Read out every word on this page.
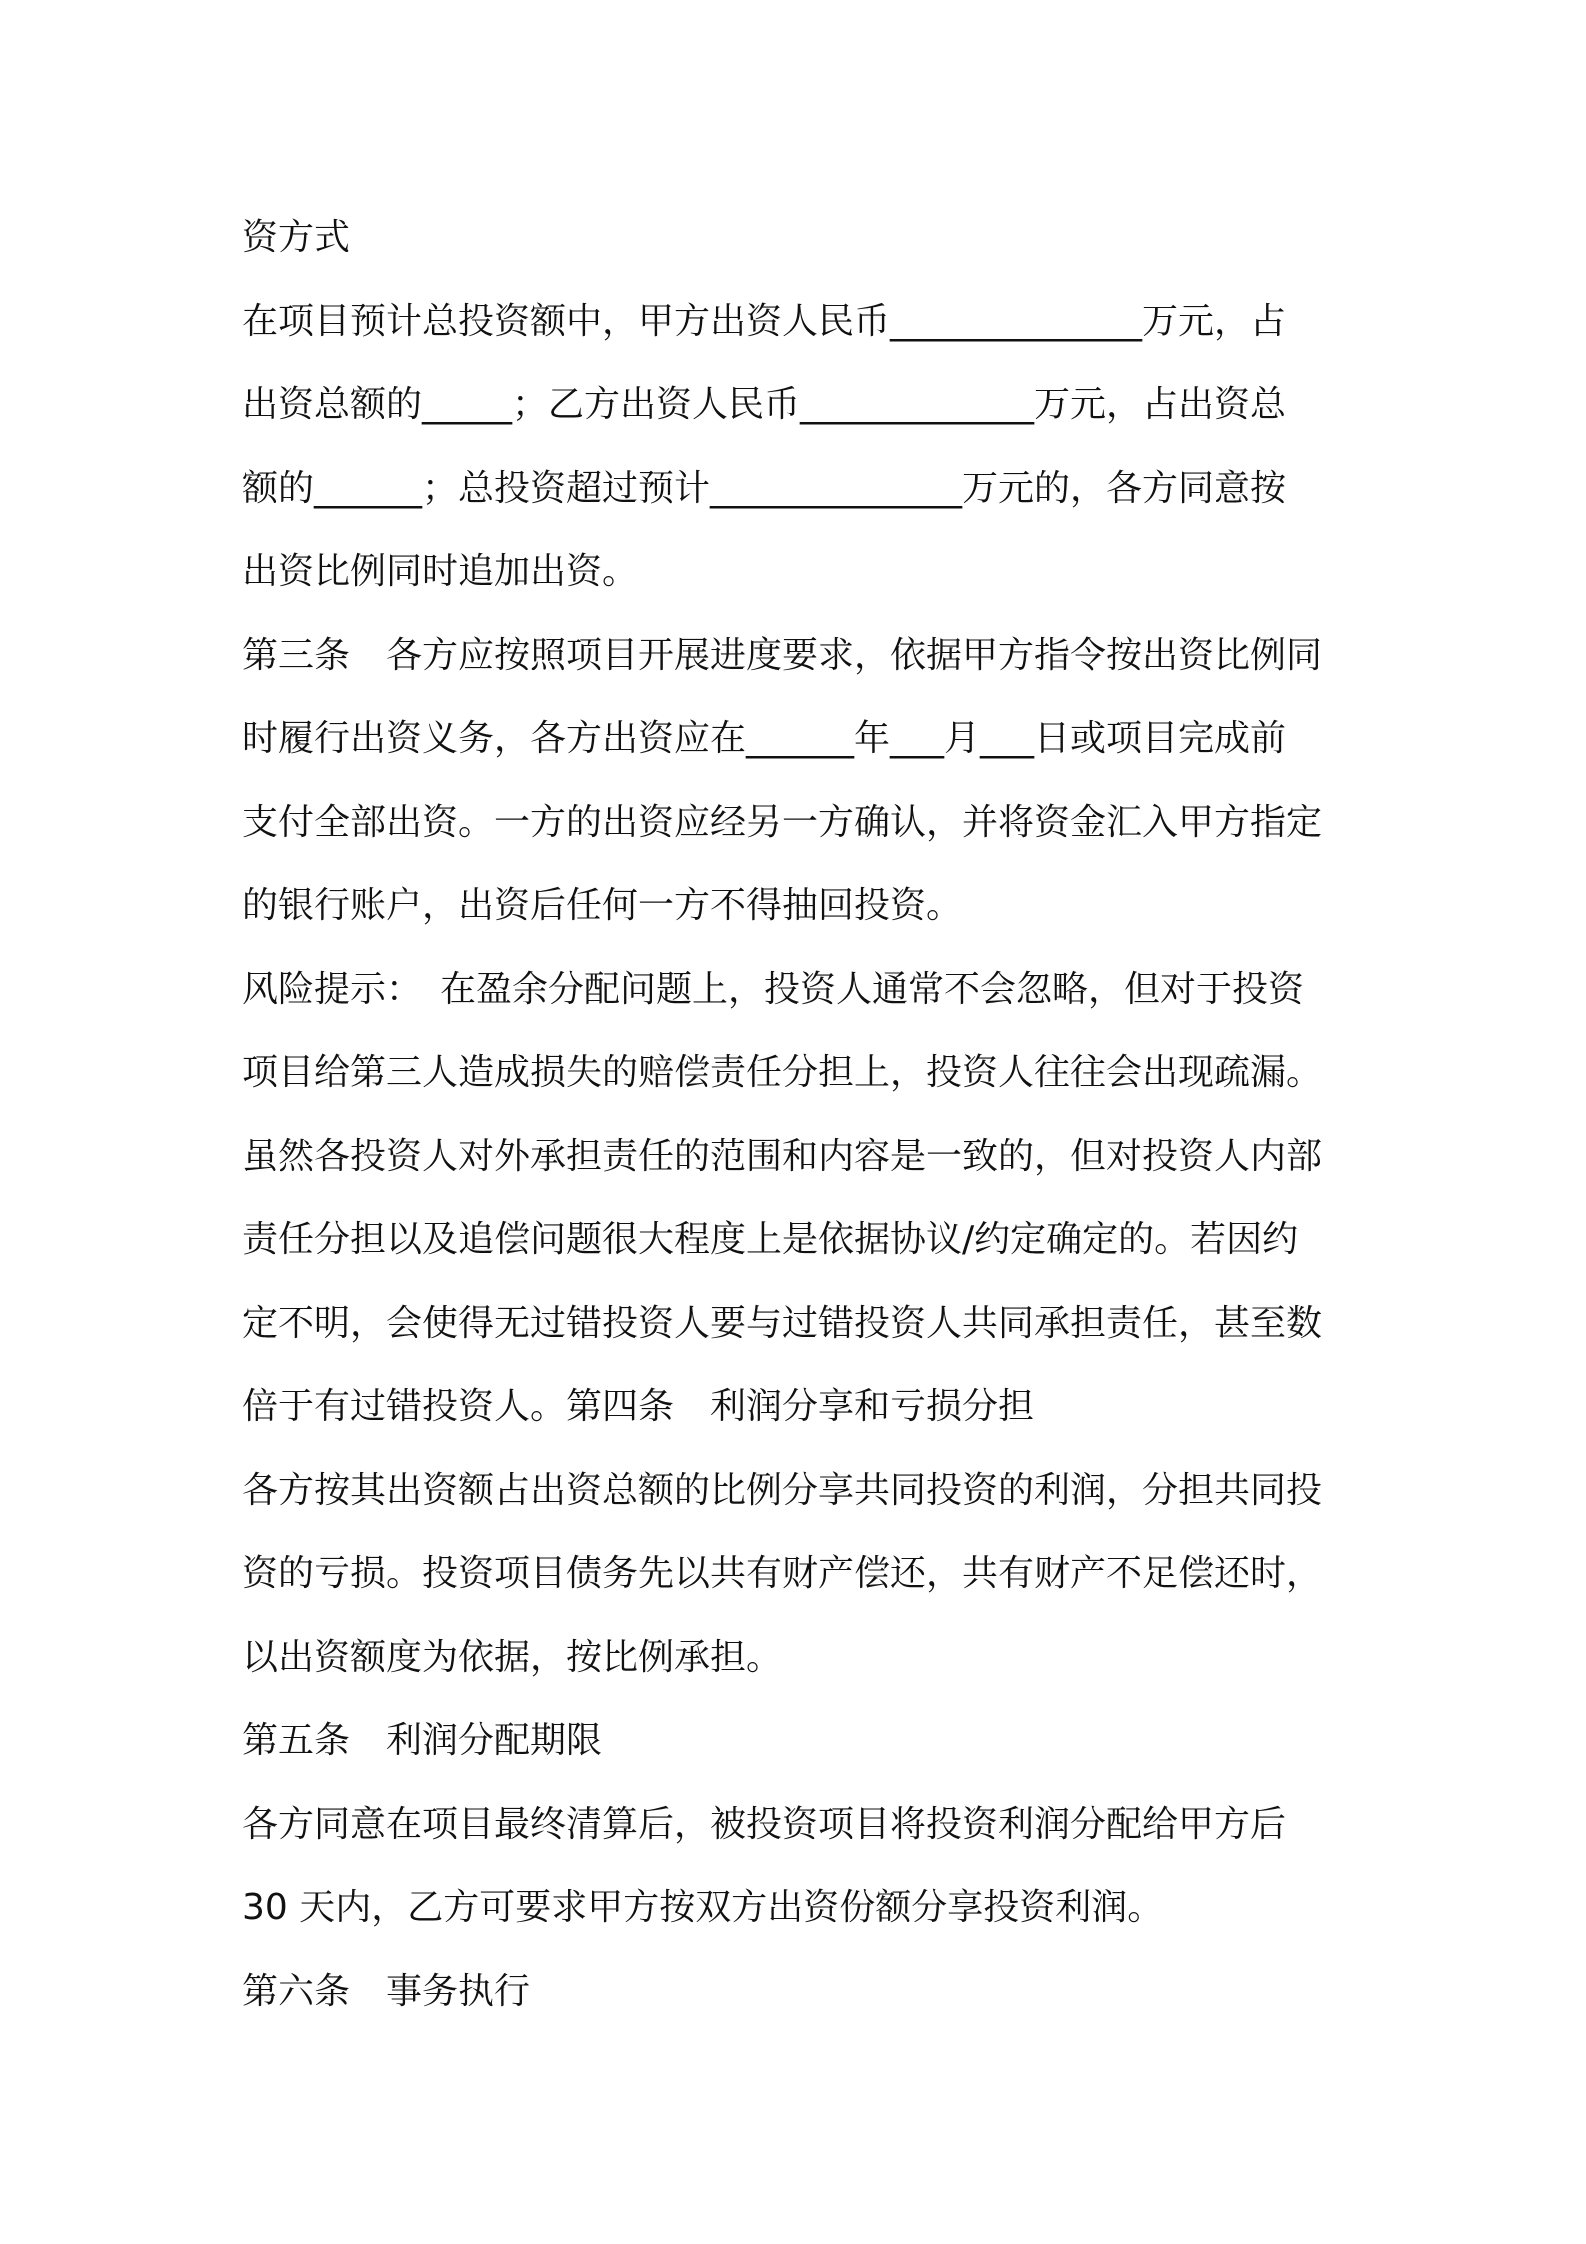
资方式
在项目预计总投资额中，甲方出资人民币______________万元，占
出资总额的_____；乙方出资人民币_____________万元，占出资总
额的______；总投资超过预计______________万元的，各方同意按
出资比例同时追加出资。
第三条　各方应按照项目开展进度要求，依据甲方指令按出资比例同
时履行出资义务，各方出资应在______年___月___日或项目完成前
支付全部出资。一方的出资应经另一方确认，并将资金汇入甲方指定
的银行账户，出资后任何一方不得抽回投资。
风险提示：　在盈余分配问题上，投资人通常不会忽略，但对于投资
项目给第三人造成损失的赔偿责任分担上，投资人往往会出现疏漏。
虽然各投资人对外承担责任的范围和内容是一致的，但对投资人内部
责任分担以及追偿问题很大程度上是依据协议/约定确定的。若因约
定不明，会使得无过错投资人要与过错投资人共同承担责任，甚至数
倍于有过错投资人。第四条　利润分享和亏损分担
各方按其出资额占出资总额的比例分享共同投资的利润，分担共同投
资的亏损。投资项目债务先以共有财产偿还，共有财产不足偿还时，
以出资额度为依据，按比例承担。
第五条　利润分配期限
各方同意在项目最终清算后，被投资项目将投资利润分配给甲方后
30 天内，乙方可要求甲方按双方出资份额分享投资利润。
第六条　事务执行
